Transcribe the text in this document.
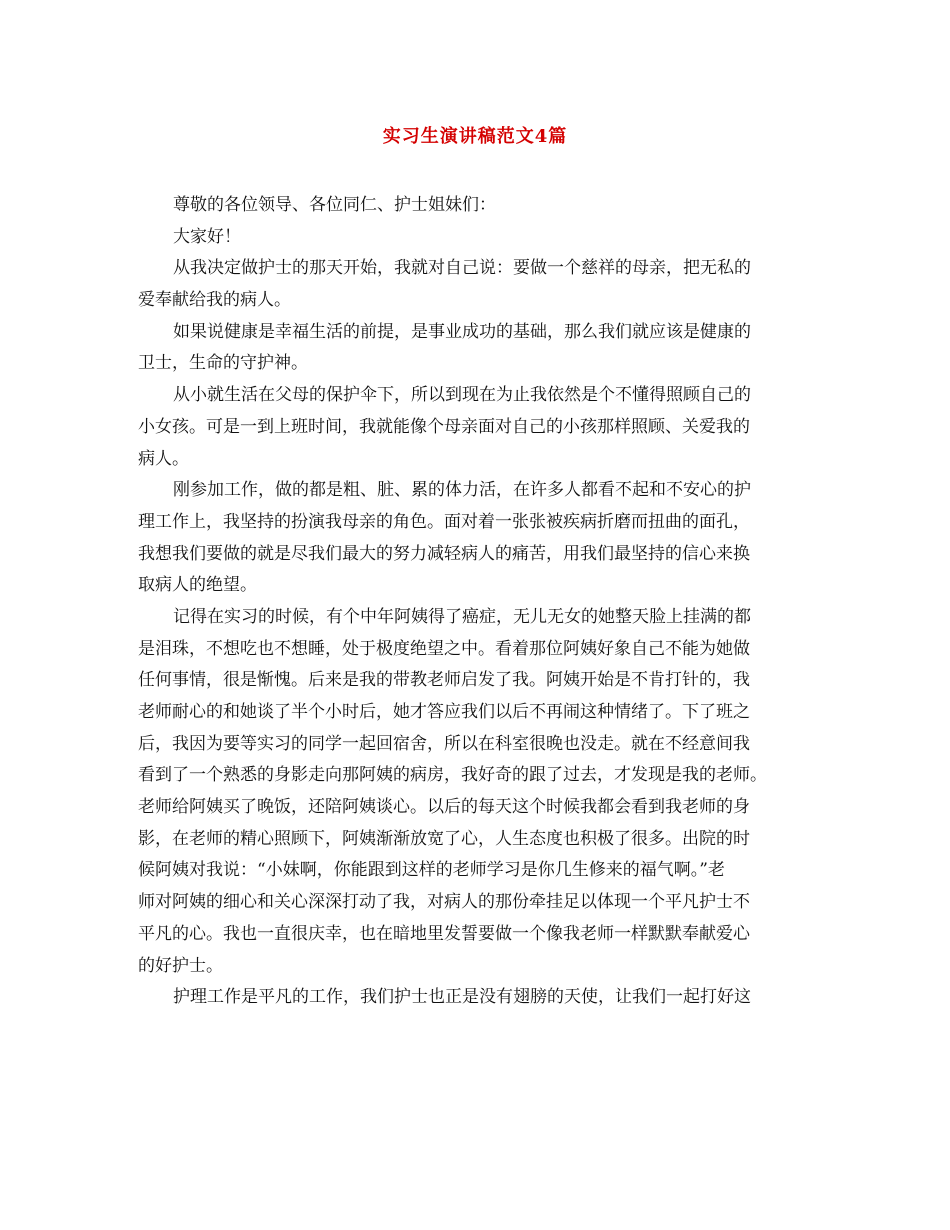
实习生演讲稿范文4篇
尊敬的各位领导、各位同仁、护士姐妹们：
大家好！
从我决定做护士的那天开始，我就对自己说：要做一个慈祥的母亲，把无私的
爱奉献给我的病人。
如果说健康是幸福生活的前提，是事业成功的基础，那么我们就应该是健康的
卫士，生命的守护神。
从小就生活在父母的保护伞下，所以到现在为止我依然是个不懂得照顾自己的
小女孩。可是一到上班时间，我就能像个母亲面对自己的小孩那样照顾、关爱我的
病人。
刚参加工作，做的都是粗、脏、累的体力活，在许多人都看不起和不安心的护
理工作上，我坚持的扮演我母亲的角色。面对着一张张被疾病折磨而扭曲的面孔，
我想我们要做的就是尽我们最大的努力减轻病人的痛苦，用我们最坚持的信心来换
取病人的绝望。
记得在实习的时候，有个中年阿姨得了癌症，无儿无女的她整天脸上挂满的都
是泪珠，不想吃也不想睡，处于极度绝望之中。看着那位阿姨好象自己不能为她做
任何事情，很是惭愧。后来是我的带教老师启发了我。阿姨开始是不肯打针的，我
老师耐心的和她谈了半个小时后，她才答应我们以后不再闹这种情绪了。下了班之
后，我因为要等实习的同学一起回宿舍，所以在科室很晚也没走。就在不经意间我
看到了一个熟悉的身影走向那阿姨的病房，我好奇的跟了过去，才发现是我的老师。
老师给阿姨买了晚饭，还陪阿姨谈心。以后的每天这个时候我都会看到我老师的身
影，在老师的精心照顾下，阿姨渐渐放宽了心，人生态度也积极了很多。出院的时
候阿姨对我说：“小妹啊，你能跟到这样的老师学习是你几生修来的福气啊。”老
师对阿姨的细心和关心深深打动了我，对病人的那份牵挂足以体现一个平凡护士不
平凡的心。我也一直很庆幸，也在暗地里发誓要做一个像我老师一样默默奉献爱心
的好护士。
护理工作是平凡的工作，我们护士也正是没有翅膀的天使，让我们一起打好这
